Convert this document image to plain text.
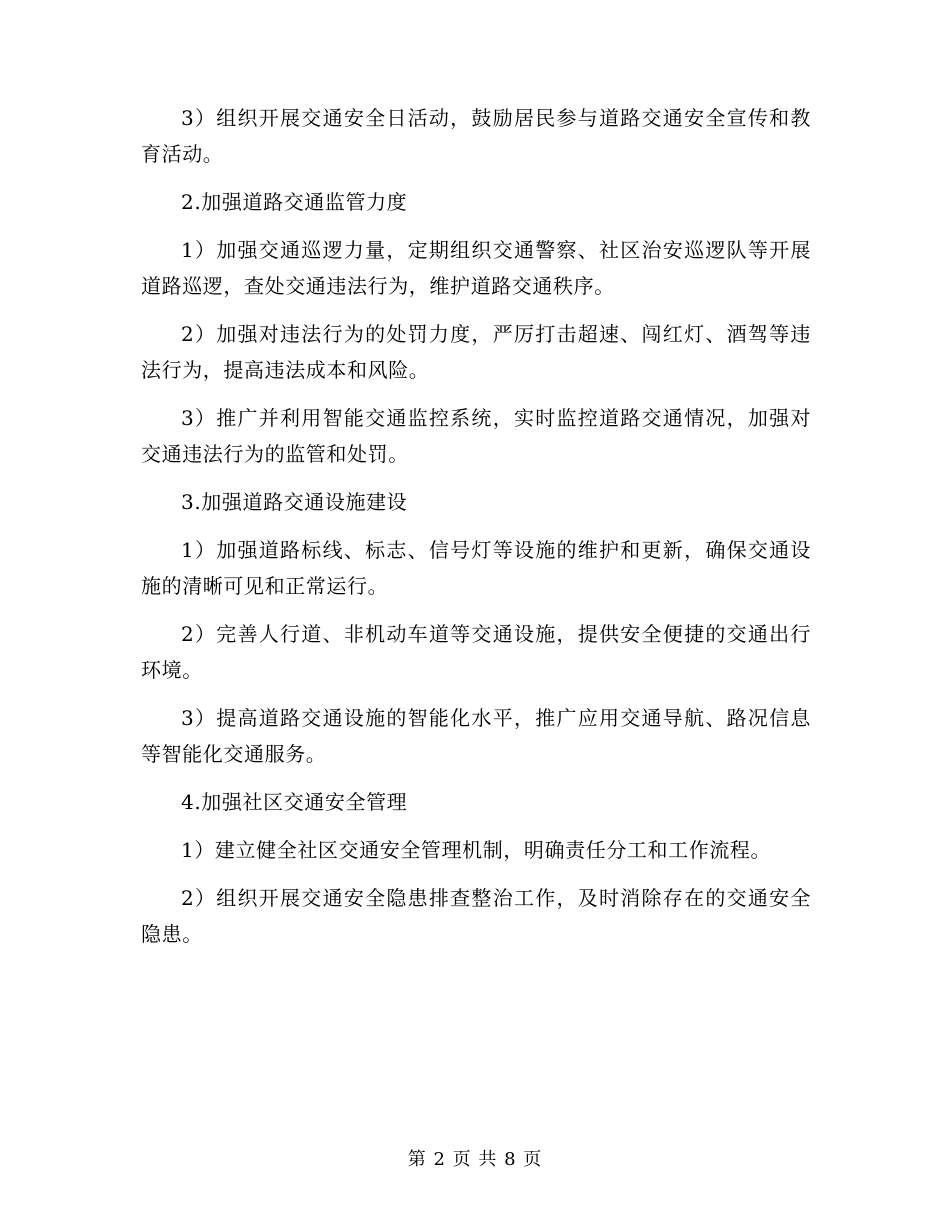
3）组织开展交通安全日活动，鼓励居民参与道路交通安全宣传和教育活动。

2.加强道路交通监管力度

1）加强交通巡逻力量，定期组织交通警察、社区治安巡逻队等开展道路巡逻，查处交通违法行为，维护道路交通秩序。

2）加强对违法行为的处罚力度，严厉打击超速、闯红灯、酒驾等违法行为，提高违法成本和风险。

3）推广并利用智能交通监控系统，实时监控道路交通情况，加强对交通违法行为的监管和处罚。

3.加强道路交通设施建设

1）加强道路标线、标志、信号灯等设施的维护和更新，确保交通设施的清晰可见和正常运行。

2）完善人行道、非机动车道等交通设施，提供安全便捷的交通出行环境。

3）提高道路交通设施的智能化水平，推广应用交通导航、路况信息等智能化交通服务。

4.加强社区交通安全管理

1）建立健全社区交通安全管理机制，明确责任分工和工作流程。

2）组织开展交通安全隐患排查整治工作，及时消除存在的交通安全隐患。

第 2 页 共 8 页
